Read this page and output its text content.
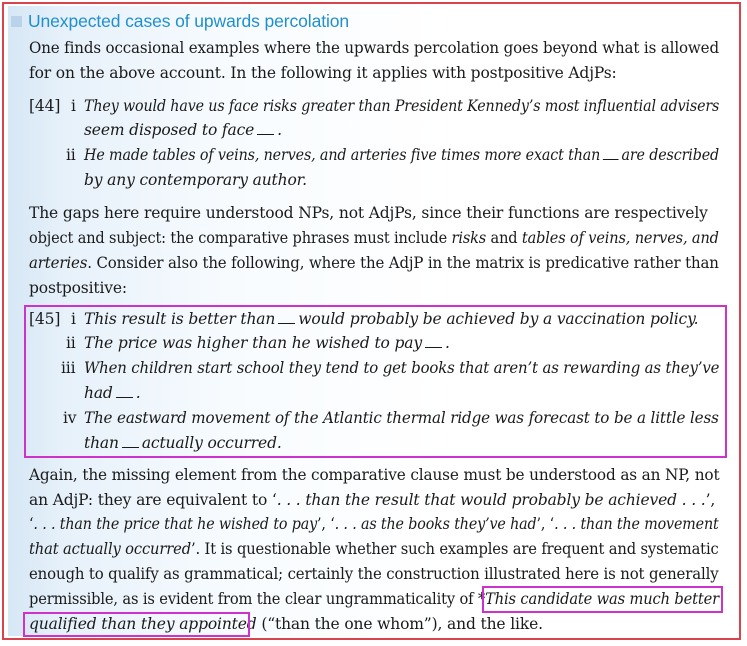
Unexpected cases of upwards percolation
One finds occasional examples where the upwards percolation goes beyond what is allowed
for on the above account. In the following it applies with postpositive AdjPs:
[44] i They would have us face risks greater than President Kennedy’s most influential advisers
seem disposed to face .
ii He made tables of veins, nerves, and arteries five times more exact than are described
by any contemporary author.
The gaps here require understood NPs, not AdjPs, since their functions are respectively
object and subject: the comparative phrases must include risks and tables of veins, nerves, and
arteries. Consider also the following, where the AdjP in the matrix is predicative rather than
postpositive:
[45] i This result is better than would probably be achieved by a vaccination policy.
ii The price was higher than he wished to pay .
iii When children start school they tend to get books that aren’t as rewarding as they’ve
had .
iv The eastward movement of the Atlantic thermal ridge was forecast to be a little less
than actually occurred.
Again, the missing element from the comparative clause must be understood as an NP, not
an AdjP: they are equivalent to ‘. . . than the result that would probably be achieved . . .’,
‘. . . than the price that he wished to pay’, ‘. . . as the books they’ve had’, ‘. . . than the movement
that actually occurred’. It is questionable whether such examples are frequent and systematic
enough to qualify as grammatical; certainly the construction illustrated here is not generally
permissible, as is evident from the clear ungrammaticality of *This candidate was much better
qualified than they appointed (“than the one whom”), and the like.
